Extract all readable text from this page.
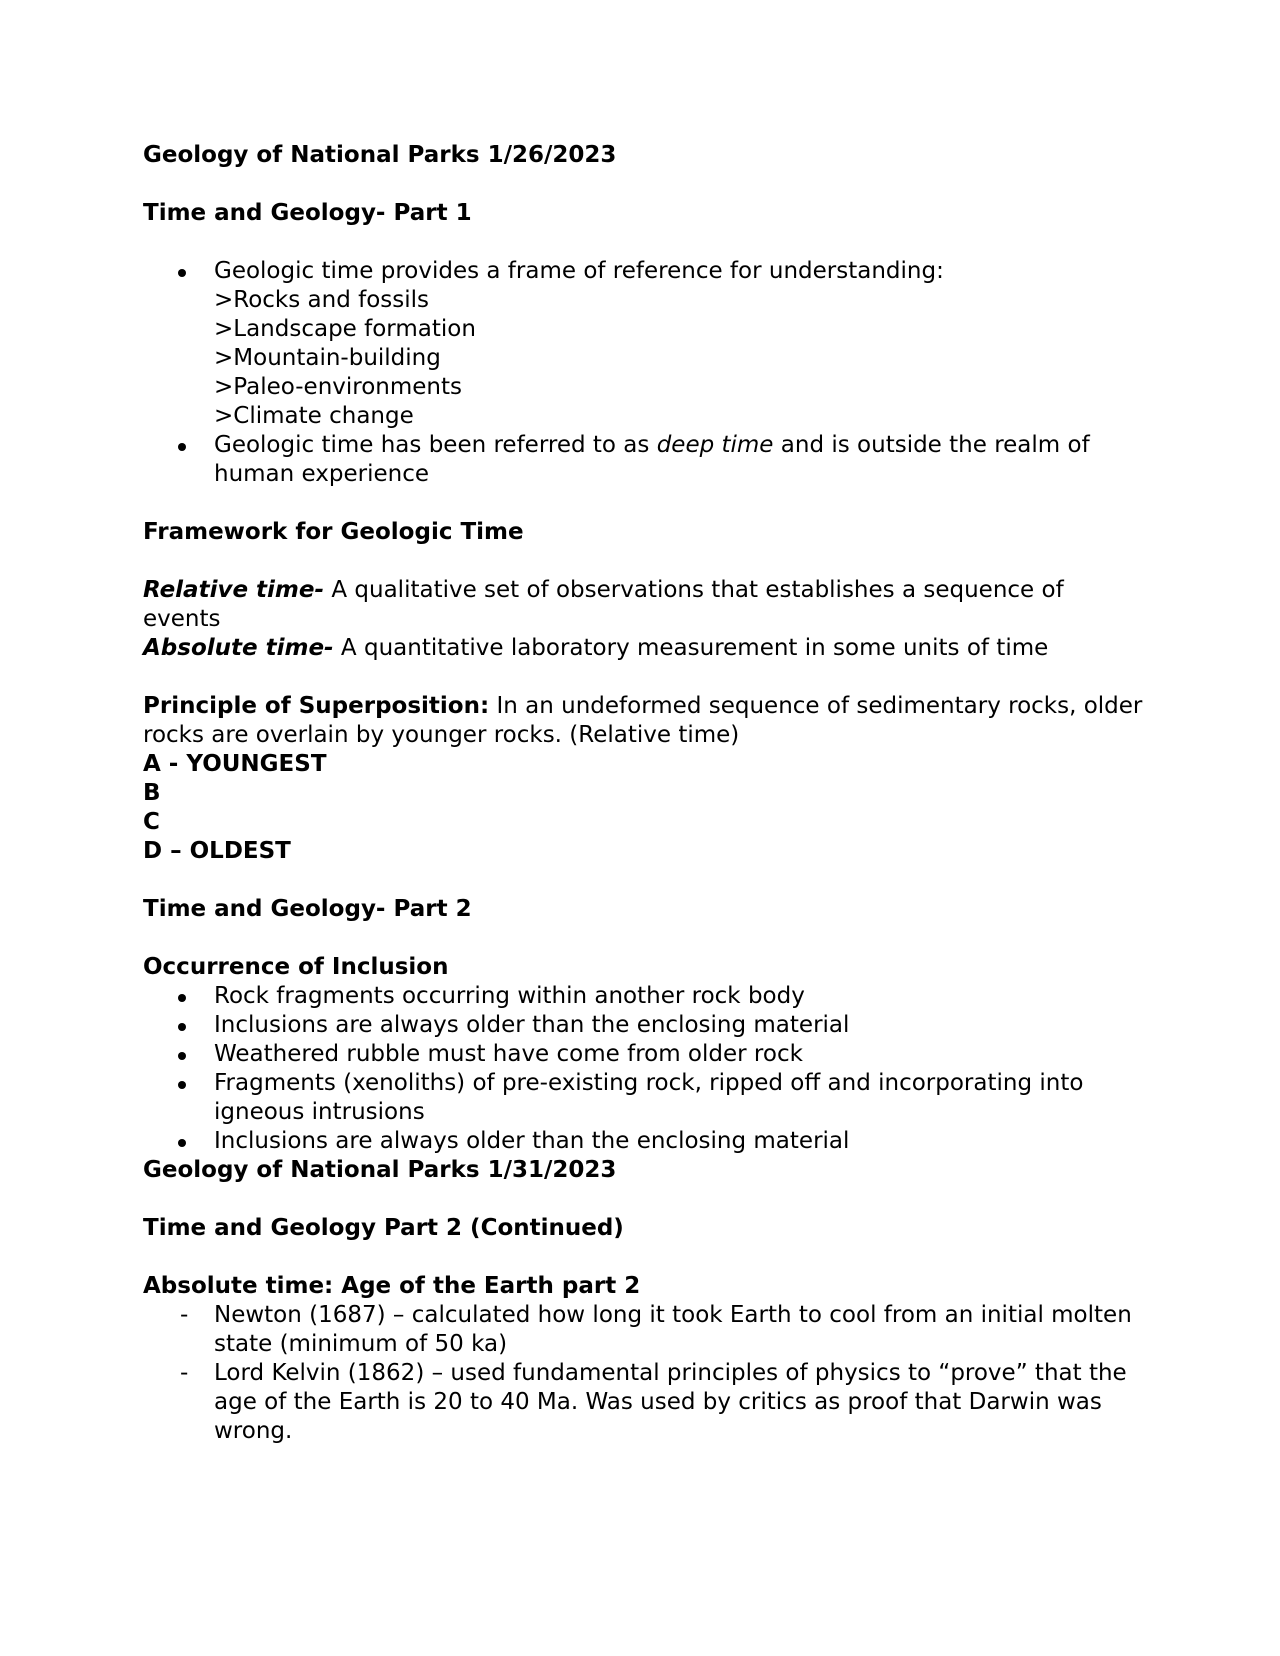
Geology of National Parks 1/26/2023
Time and Geology- Part 1
Geologic time provides a frame of reference for understanding:
>Rocks and fossils
>Landscape formation
>Mountain-building
>Paleo-environments
>Climate change
Geologic time has been referred to as deep time and is outside the realm of human experience
Framework for Geologic Time
Relative time- A qualitative set of observations that establishes a sequence of events
Absolute time- A quantitative laboratory measurement in some units of time
Principle of Superposition: In an undeformed sequence of sedimentary rocks, older rocks are overlain by younger rocks. (Relative time)
A - YOUNGEST
B
C
D – OLDEST
Time and Geology- Part 2
Occurrence of Inclusion
Rock fragments occurring within another rock body
Inclusions are always older than the enclosing material
Weathered rubble must have come from older rock
Fragments (xenoliths) of pre-existing rock, ripped off and incorporating into igneous intrusions
Inclusions are always older than the enclosing material
Geology of National Parks 1/31/2023
Time and Geology Part 2 (Continued)
Absolute time: Age of the Earth part 2
- Newton (1687) – calculated how long it took Earth to cool from an initial molten state (minimum of 50 ka)
- Lord Kelvin (1862) – used fundamental principles of physics to “prove” that the age of the Earth is 20 to 40 Ma. Was used by critics as proof that Darwin was wrong.
